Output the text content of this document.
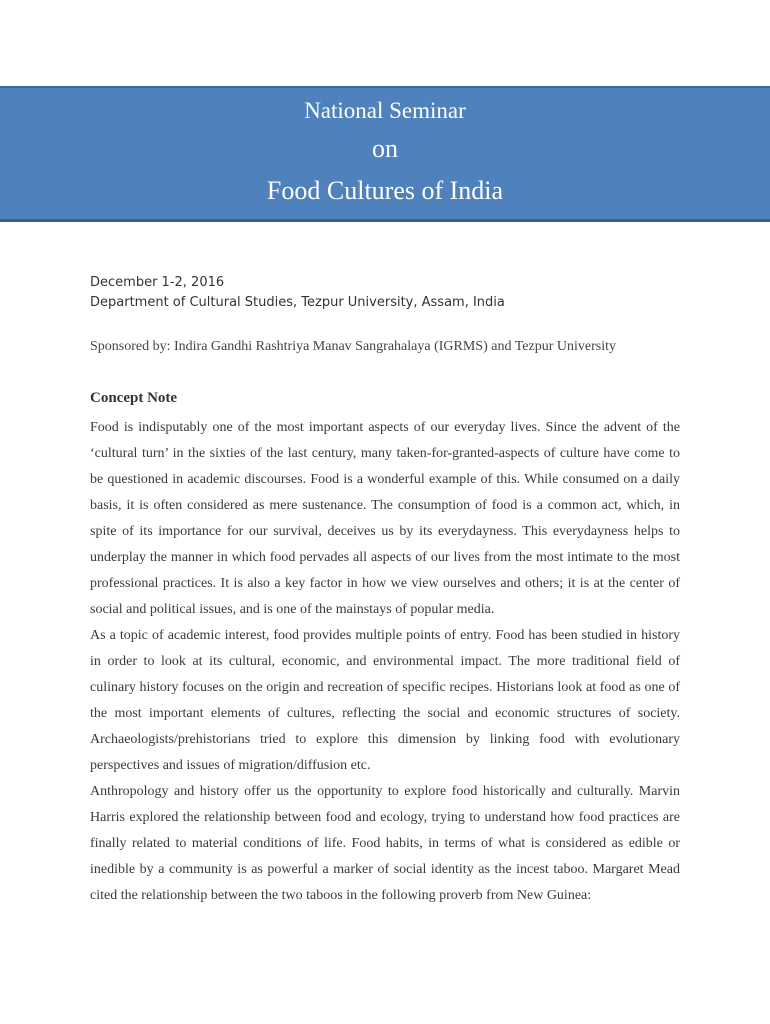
National Seminar
on
Food Cultures of India
December 1-2, 2016
Department of Cultural Studies, Tezpur University, Assam, India
Sponsored by: Indira Gandhi Rashtriya Manav Sangrahalaya (IGRMS) and Tezpur University
Concept Note

Food is indisputably one of the most important aspects of our everyday lives. Since the advent of the ‘cultural turn’ in the sixties of the last century, many taken-for-granted-aspects of culture have come to be questioned in academic discourses. Food is a wonderful example of this. While consumed on a daily basis, it is often considered as mere sustenance. The consumption of food is a common act, which, in spite of its importance for our survival, deceives us by its everydayness. This everydayness helps to underplay the manner in which food pervades all aspects of our lives from the most intimate to the most professional practices. It is also a key factor in how we view ourselves and others; it is at the center of social and political issues, and is one of the mainstays of popular media.

As a topic of academic interest, food provides multiple points of entry. Food has been studied in history in order to look at its cultural, economic, and environmental impact. The more traditional field of culinary history focuses on the origin and recreation of specific recipes. Historians look at food as one of the most important elements of cultures, reflecting the social and economic structures of society. Archaeologists/prehistorians tried to explore this dimension by linking food with evolutionary perspectives and issues of migration/diffusion etc.

Anthropology and history offer us the opportunity to explore food historically and culturally. Marvin Harris explored the relationship between food and ecology, trying to understand how food practices are finally related to material conditions of life. Food habits, in terms of what is considered as edible or inedible by a community is as powerful a marker of social identity as the incest taboo. Margaret Mead cited the relationship between the two taboos in the following proverb from New Guinea:
